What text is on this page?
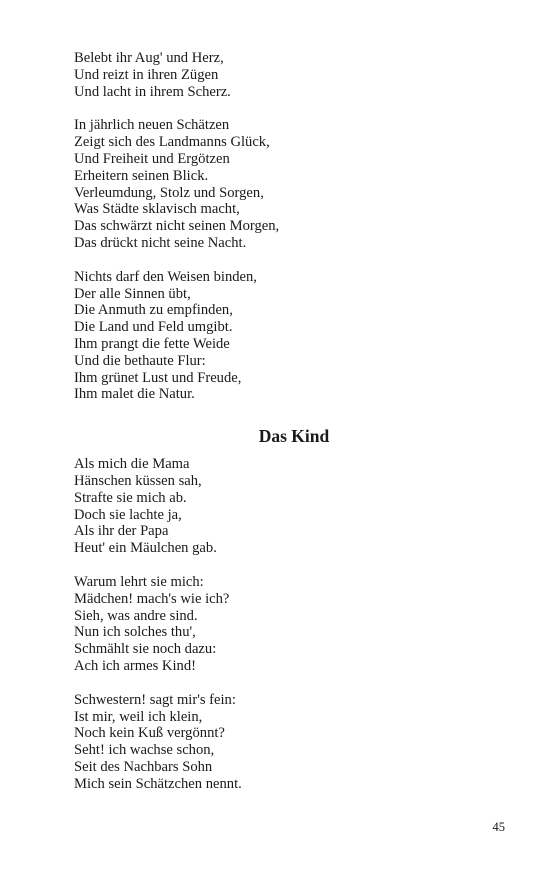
Belebt ihr Aug' und Herz,
Und reizt in ihren Zügen
Und lacht in ihrem Scherz.
In jährlich neuen Schätzen
Zeigt sich des Landmanns Glück,
Und Freiheit und Ergötzen
Erheitern seinen Blick.
Verleumdung, Stolz und Sorgen,
Was Städte sklavisch macht,
Das schwärzt nicht seinen Morgen,
Das drückt nicht seine Nacht.
Nichts darf den Weisen binden,
Der alle Sinnen übt,
Die Anmuth zu empfinden,
Die Land und Feld umgibt.
Ihm prangt die fette Weide
Und die bethaute Flur:
Ihm grünet Lust und Freude,
Ihm malet die Natur.
Das Kind
Als mich die Mama
Hänschen küssen sah,
Strafte sie mich ab.
Doch sie lachte ja,
Als ihr der Papa
Heut' ein Mäulchen gab.
Warum lehrt sie mich:
Mädchen! mach's wie ich?
Sieh, was andre sind.
Nun ich solches thu',
Schmählt sie noch dazu:
Ach ich armes Kind!
Schwestern! sagt mir's fein:
Ist mir, weil ich klein,
Noch kein Kuß vergönnt?
Seht! ich wachse schon,
Seit des Nachbars Sohn
Mich sein Schätzchen nennt.
45
